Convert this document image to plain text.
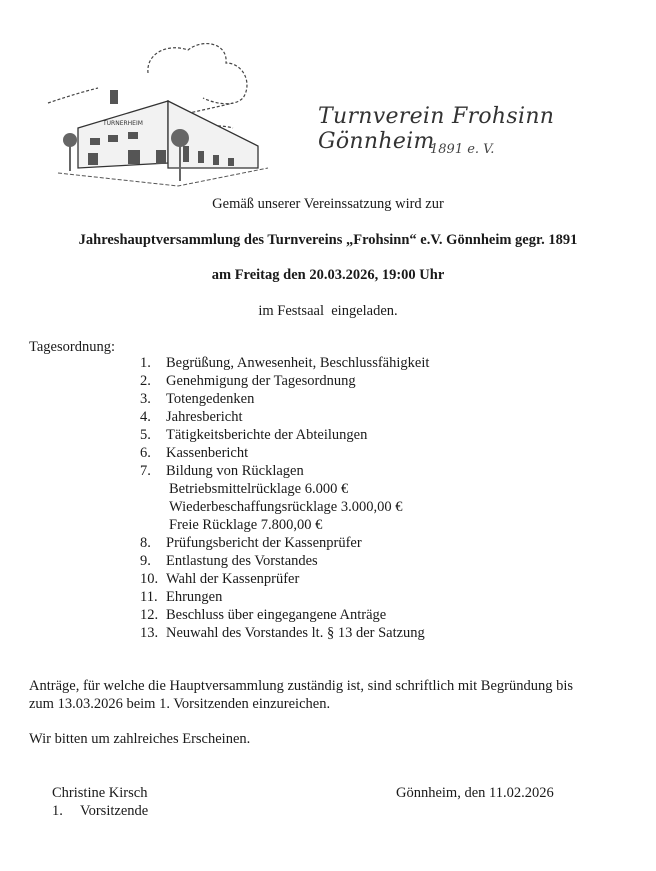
TURNERHEIM	Turnverein Frohsinn Gönnheim
1891 e. V.
Gemäß unserer Vereinssatzung wird zur
Jahreshauptversammlung des Turnvereins „Frohsinn“ e.V. Gönnheim gegr. 1891
am Freitag den 20.03.2026, 19:00 Uhr
im Festsaal  eingeladen.
Tagesordnung:
1. Begrüßung, Anwesenheit, Beschlussfähigkeit
2. Genehmigung der Tagesordnung
3. Totengedenken
4. Jahresbericht
5. Tätigkeitsberichte der Abteilungen
6. Kassenbericht
7. Bildung von Rücklagen
Betriebsmittelrücklage 6.000 €
Wiederbeschaffungsrücklage 3.000,00 €
Freie Rücklage 7.800,00 €
8. Prüfungsbericht der Kassenprüfer
9. Entlastung des Vorstandes
10. Wahl der Kassenprüfer
11. Ehrungen
12. Beschluss über eingegangene Anträge
13. Neuwahl des Vorstandes lt. § 13 der Satzung
Anträge, für welche die Hauptversammlung zuständig ist, sind schriftlich mit Begründung bis
zum 13.03.2026 beim 1. Vorsitzenden einzureichen.
Wir bitten um zahlreiches Erscheinen.
Christine Kirsch
1. Vorsitzende
Gönnheim, den 11.02.2026
